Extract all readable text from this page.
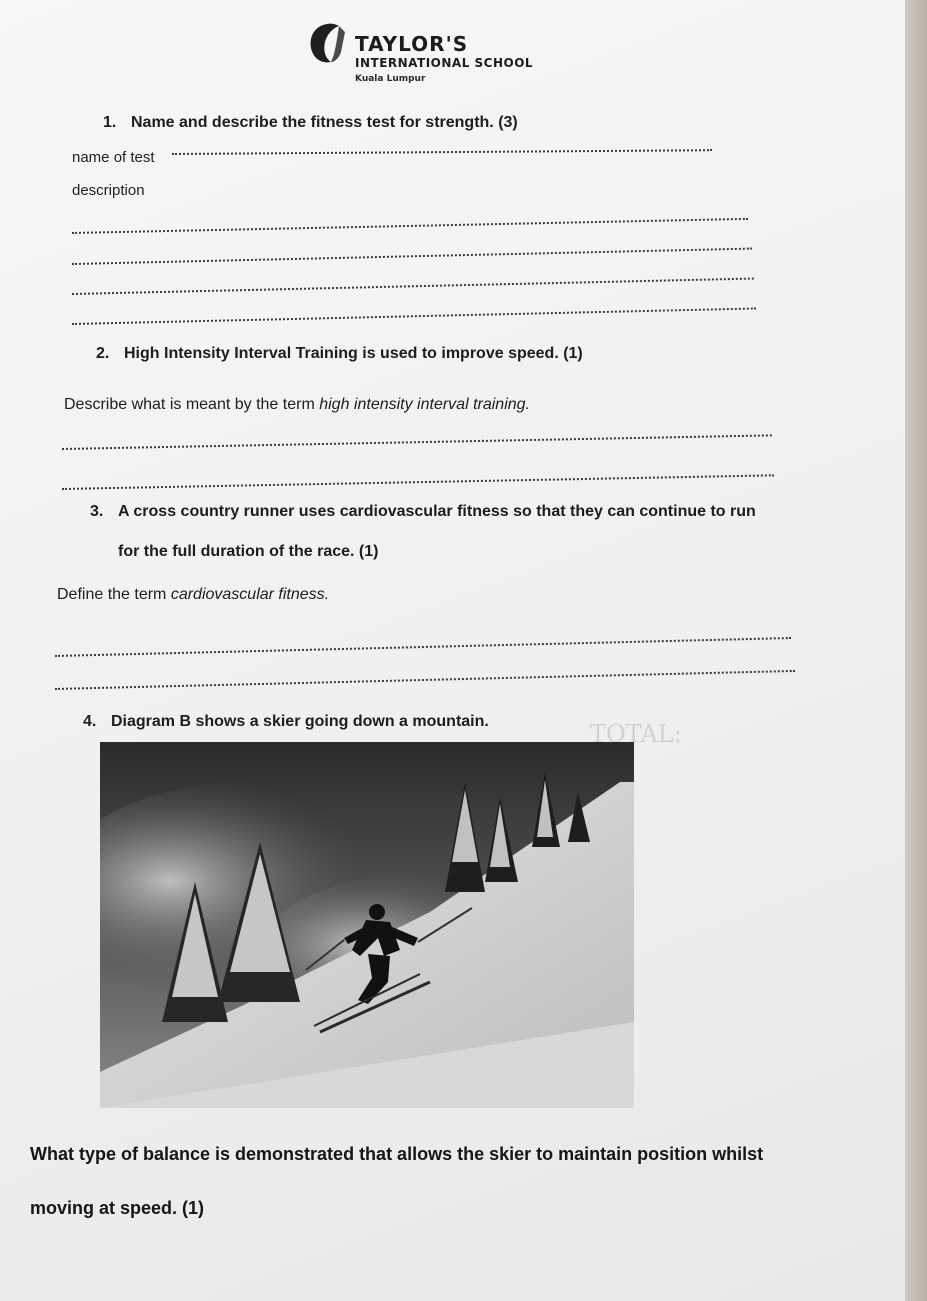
TAYLOR'S
INTERNATIONAL SCHOOL
Kuala Lumpur
1. Name and describe the fitness test for strength. (3)
name of test
description
2. High Intensity Interval Training is used to improve speed. (1)
Describe what is meant by the term high intensity interval training.
3. A cross country runner uses cardiovascular fitness so that they can continue to run
for the full duration of the race. (1)
Define the term cardiovascular fitness.
4. Diagram B shows a skier going down a mountain.
What type of balance is demonstrated that allows the skier to maintain position whilst
moving at speed. (1)
TOTAL:
